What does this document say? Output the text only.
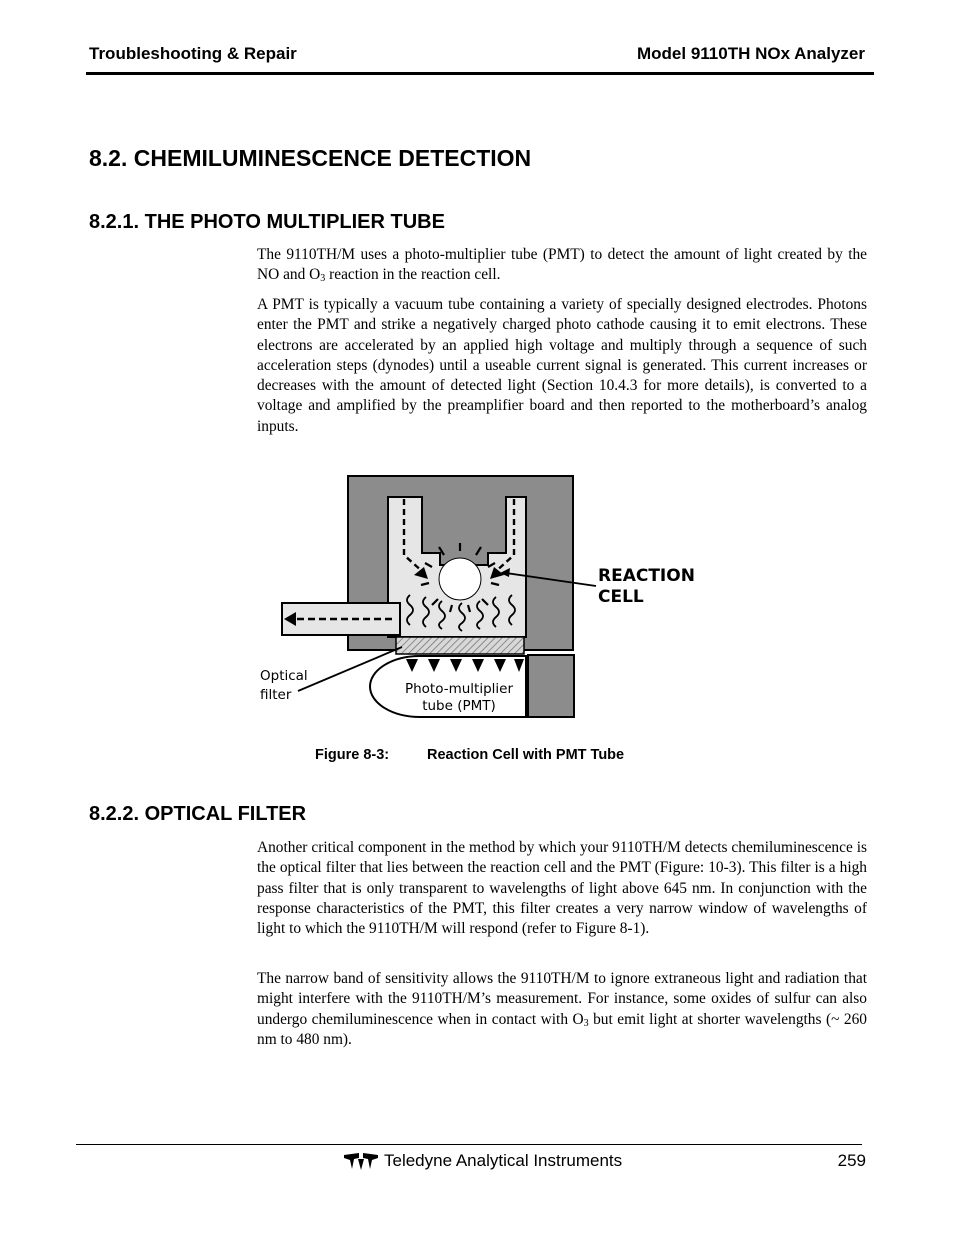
Troubleshooting & Repair	Model 9110TH NOx Analyzer
8.2. CHEMILUMINESCENCE DETECTION
8.2.1. THE PHOTO MULTIPLIER TUBE
The 9110TH/M uses a photo-multiplier tube (PMT) to detect the amount of light created by the NO and $O_3$ reaction in the reaction cell.
A PMT is typically a vacuum tube containing a variety of specially designed electrodes. Photons enter the PMT and strike a negatively charged photo cathode causing it to emit electrons. These electrons are accelerated by an applied high voltage and multiply through a sequence of such acceleration steps (dynodes) until a useable current signal is generated. This current increases or decreases with the amount of detected light (Section 10.4.3 for more details), is converted to a voltage and amplified by the preamplifier board and then reported to the motherboard’s analog inputs.
REACTION
CELL
Optical
filter	Photo-multiplier
tube (PMT)
Figure 8-3:	Reaction Cell with PMT Tube
8.2.2. OPTICAL FILTER
Another critical component in the method by which your 9110TH/M detects chemiluminescence is the optical filter that lies between the reaction cell and the PMT (Figure: 10-3). This filter is a high pass filter that is only transparent to wavelengths of light above 645 nm. In conjunction with the response characteristics of the PMT, this filter creates a very narrow window of wavelengths of light to which the 9110TH/M will respond (refer to Figure 8-1).
The narrow band of sensitivity allows the 9110TH/M to ignore extraneous light and radiation that might interfere with the 9110TH/M’s measurement. For instance, some oxides of sulfur can also undergo chemiluminescence when in contact with $O_3$ but emit light at shorter wavelengths (~ 260 nm to 480 nm).
Teledyne Analytical Instruments	259
